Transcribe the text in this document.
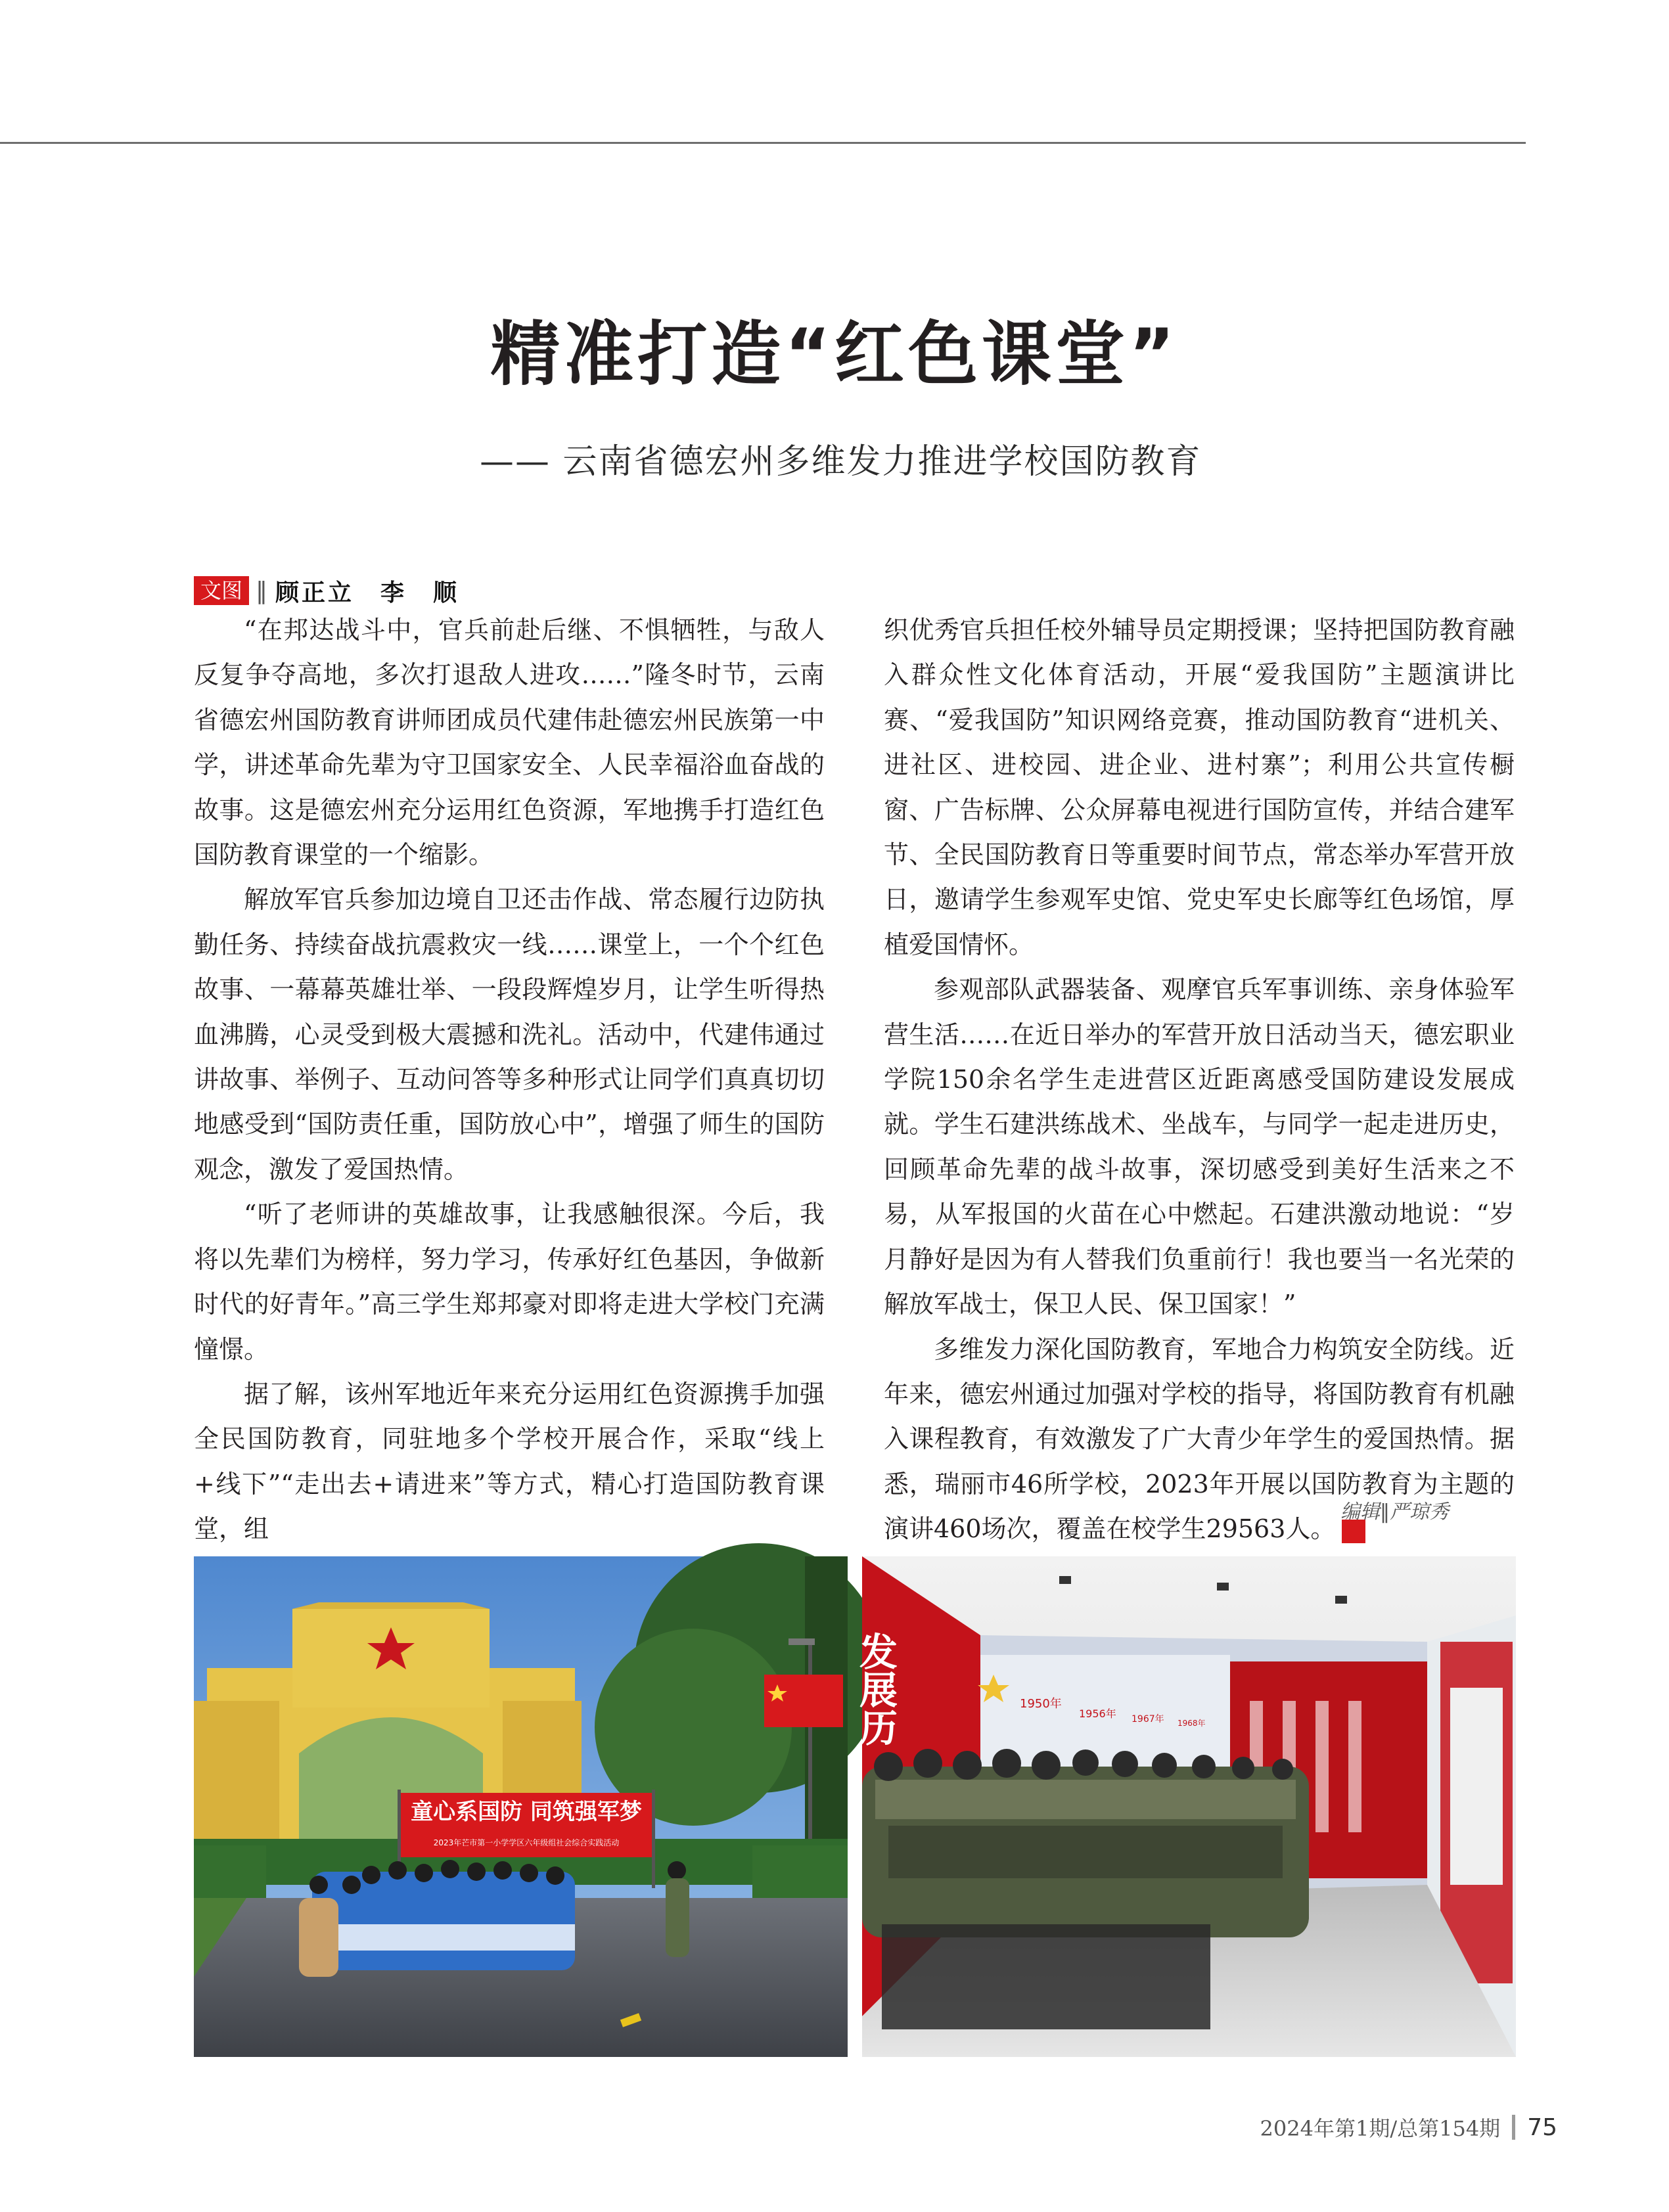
精准打造“红色课堂”
—— 云南省德宏州多维发力推进学校国防教育
文图 ‖ 顾正立　李　顺

“在邦达战斗中，官兵前赴后继、不惧牺牲，与敌人反复争夺高地，多次打退敌人进攻……”隆冬时节，云南省德宏州国防教育讲师团成员代建伟赴德宏州民族第一中学，讲述革命先辈为守卫国家安全、人民幸福浴血奋战的故事。这是德宏州充分运用红色资源，军地携手打造红色国防教育课堂的一个缩影。

解放军官兵参加边境自卫还击作战、常态履行边防执勤任务、持续奋战抗震救灾一线……课堂上，一个个红色故事、一幕幕英雄壮举、一段段辉煌岁月，让学生听得热血沸腾，心灵受到极大震撼和洗礼。活动中，代建伟通过讲故事、举例子、互动问答等多种形式让同学们真真切切地感受到“国防责任重，国防放心中”，增强了师生的国防观念，激发了爱国热情。

“听了老师讲的英雄故事，让我感触很深。今后，我将以先辈们为榜样，努力学习，传承好红色基因，争做新时代的好青年。”高三学生郑邦豪对即将走进大学校门充满憧憬。

据了解，该州军地近年来充分运用红色资源携手加强全民国防教育，同驻地多个学校开展合作，采取“线上+线下”“走出去+请进来”等方式，精心打造国防教育课堂，组

织优秀官兵担任校外辅导员定期授课；坚持把国防教育融入群众性文化体育活动，开展“爱我国防”主题演讲比赛、“爱我国防”知识网络竞赛，推动国防教育“进机关、进社区、进校园、进企业、进村寨”；利用公共宣传橱窗、广告标牌、公众屏幕电视进行国防宣传，并结合建军节、全民国防教育日等重要时间节点，常态举办军营开放日，邀请学生参观军史馆、党史军史长廊等红色场馆，厚植爱国情怀。

参观部队武器装备、观摩官兵军事训练、亲身体验军营生活……在近日举办的军营开放日活动当天，德宏职业学院150余名学生走进营区近距离感受国防建设发展成就。学生石建洪练战术、坐战车，与同学一起走进历史，回顾革命先辈的战斗故事，深切感受到美好生活来之不易，从军报国的火苗在心中燃起。石建洪激动地说：“岁月静好是因为有人替我们负重前行！我也要当一名光荣的解放军战士，保卫人民、保卫国家！”

多维发力深化国防教育，军地合力构筑安全防线。近年来，德宏州通过加强对学校的指导，将国防教育有机融入课程教育，有效激发了广大青少年学生的爱国热情。据悉，瑞丽市46所学校，2023年开展以国防教育为主题的演讲460场次，覆盖在校学生29563人。	G

编辑‖严琼秀
童心系国防 同筑强军梦
2023年芒市第一小学学区六年级组社会综合实践活动
发展历	1950年
1956年 1967年 1968年
2024年第1期/总第154期 75
